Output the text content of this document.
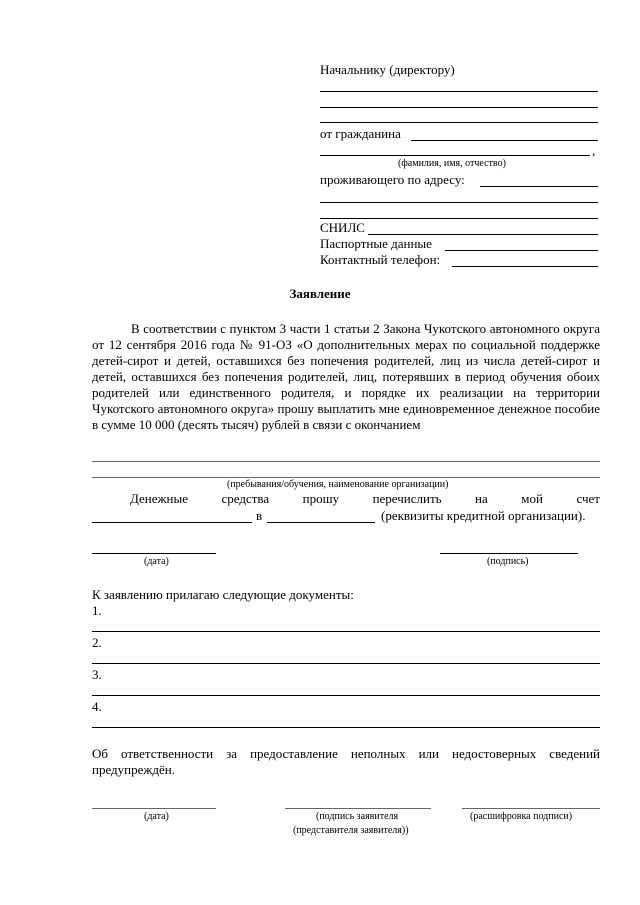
Начальнику (директору)
от гражданина
,
(фамилия, имя, отчество)
проживающего по адресу:
СНИЛС
Паспортные данные
Контактный телефон:
Заявление
В соответствии с пунктом 3 части 1 статьи 2 Закона Чукотского автономного округа от 12 сентября 2016 года № 91-ОЗ «О дополнительных мерах по социальной поддержке детей-сирот и детей, оставшихся без попечения родителей, лиц из числа детей-сирот и детей, оставшихся без попечения родителей, лиц, потерявших в период обучения обоих родителей или единственного родителя, и порядке их реализации на территории Чукотского автономного округа» прошу выплатить мне единовременное денежное пособие в сумме 10 000 (десять тысяч) рублей в связи с окончанием
(пребывания/обучения, наименование организации)
Денежные	средства	прошу	перечислить	на	мой	счет
в	(реквизиты кредитной организации).
(дата)	(подпись)
К заявлению прилагаю следующие документы:
1.
2.
3.
4.
Об ответственности за предоставление неполных или недостоверных сведений предупреждён.
(дата)	(подпись заявителя
(представителя заявителя))
(расшифровка подписи)
